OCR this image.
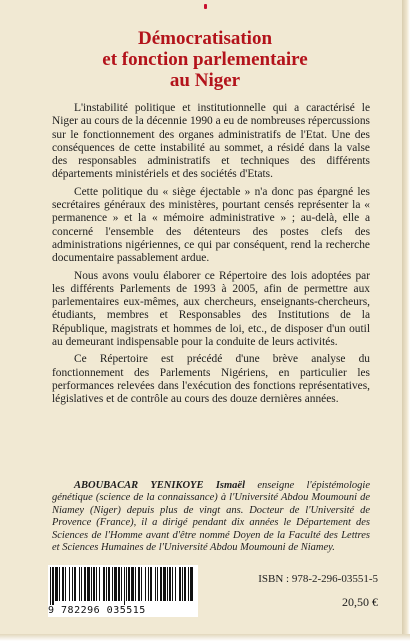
Démocratisation
et fonction parlementaire
au Niger

L'instabilité politique et institutionnelle qui a caractérisé le Niger au cours de la décennie 1990 a eu de nombreuses répercussions sur le fonctionnement des organes administratifs de l'Etat. Une des conséquences de cette instabilité au sommet, a résidé dans la valse des responsables administratifs et techniques des différents départements ministériels et des sociétés d'Etats.

Cette politique du « siège éjectable » n'a donc pas épargné les secrétaires généraux des ministères, pourtant censés représenter la « permanence » et la « mémoire administrative » ; au-delà, elle a concerné l'ensemble des détenteurs des postes clefs des administrations nigériennes, ce qui par conséquent, rend la recherche documentaire passablement ardue.

Nous avons voulu élaborer ce Répertoire des lois adoptées par les différents Parlements de 1993 à 2005, afin de permettre aux parlementaires eux-mêmes, aux chercheurs, enseignants-chercheurs, étudiants, membres et Responsables des Institutions de la République, magistrats et hommes de loi, etc., de disposer d'un outil au demeurant indispensable pour la conduite de leurs activités.

Ce Répertoire est précédé d'une brève analyse du fonctionnement des Parlements Nigériens, en particulier les performances relevées dans l'exécution des fonctions représentatives, législatives et de contrôle au cours des douze dernières années.

ABOUBACAR YENIKOYE Ismaël enseigne l'épistémologie génétique (science de la connaissance) à l'Université Abdou Moumouni de Niamey (Niger) depuis plus de vingt ans. Docteur de l'Université de Provence (France), il a dirigé pendant dix années le Département des Sciences de l'Homme avant d'être nommé Doyen de la Faculté des Lettres et Sciences Humaines de l'Université Abdou Moumouni de Niamey.
9 782296 035515
ISBN : 978-2-296-03551-5
20,50 €
